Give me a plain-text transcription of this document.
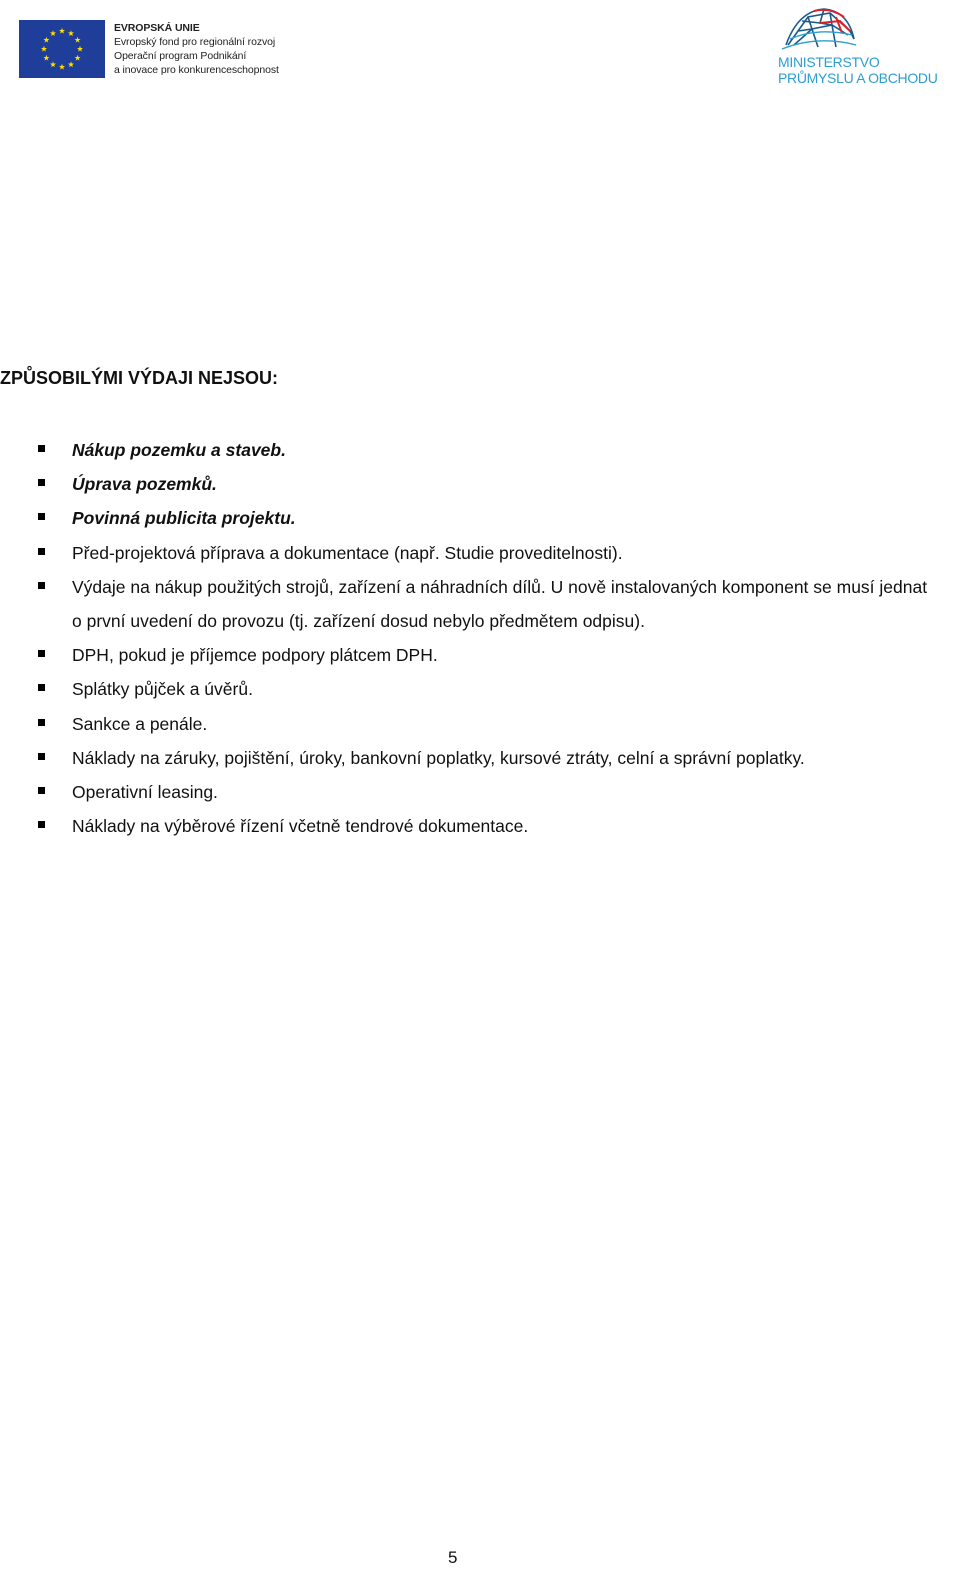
EVROPSKÁ UNIE
Evropský fond pro regionální rozvoj
Operační program Podnikání
a inovace pro konkurenceschopnost	MINISTERSTVO
PRŮMYSLU A OBCHODU
ZPŮSOBILÝMI VÝDAJI NEJSOU:
Nákup pozemku a staveb.
Úprava pozemků.
Povinná publicita projektu.
Před-projektová příprava a dokumentace (např. Studie proveditelnosti).
Výdaje na nákup použitých strojů, zařízení a náhradních dílů. U nově instalovaných komponent se musí jednat o první uvedení do provozu (tj. zařízení dosud nebylo předmětem odpisu).
DPH, pokud je příjemce podpory plátcem DPH.
Splátky půjček a úvěrů.
Sankce a penále.
Náklady na záruky, pojištění, úroky, bankovní poplatky, kursové ztráty, celní a správní poplatky.
Operativní leasing.
Náklady na výběrové řízení včetně tendrové dokumentace.
5
